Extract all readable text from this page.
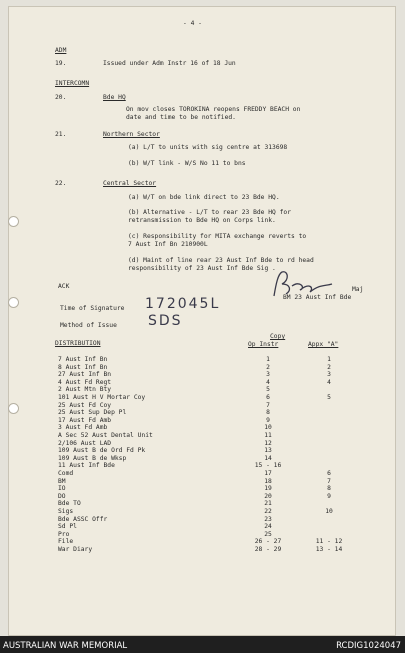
- 4 -
ADM
19.	Issued under Adm Instr 16 of 18 Jun
INTERCOMN
20.	Bde HQ
On mov closes TOROKINA reopens FREDDY BEACH on
date and time to be notified.
21.	Northern Sector
(a) L/T to units with sig centre at 313698
(b) W/T link - W/S No 11 to bns
22.	Central Sector
(a) W/T on bde link direct to 23 Bde HQ.
(b) Alternative - L/T to rear 23 Bde HQ for
retransmission to Bde HQ on Corps link.
(c) Responsibility for MITA exchange reverts to
7 Aust Inf Bn 210900L
(d) Maint of line rear 23 Aust Inf Bde to rd head
responsibility of 23 Aust Inf Bde Sig .
ACK	Maj
BM 23 Aust Inf Bde
Time of Signature 172045L
Method of Issue SDS
Copy
DISTRIBUTION	Op Instr	Appx "A"
7 Aust Inf Bn	1	1
8 Aust Inf Bn	2	2
27 Aust Inf Bn	3	3
4 Aust Fd Regt	4	4
2 Aust Mtn Bty	5
101 Aust H V Mortar Coy	6	5
25 Aust Fd Coy	7
25 Aust Sup Dep Pl	8
17 Aust Fd Amb	9
3 Aust Fd Amb	10
A Sec 52 Aust Dental Unit	11
2/106 Aust LAD	12
109 Aust B de Ord Fd Pk	13
109 Aust B de Wksp	14
11 Aust Inf Bde	15 - 16
Comd	17	6
BM	18	7
IO	19	8
DO	20	9
Bde TO	21
Sigs	22	10
Bde ASSC Offr	23
Sd Pl	24
Pro	25
File	26 - 27	11 - 12
War Diary	28 - 29	13 - 14
AUSTRALIAN WAR MEMORIAL	RCDIG1024047
